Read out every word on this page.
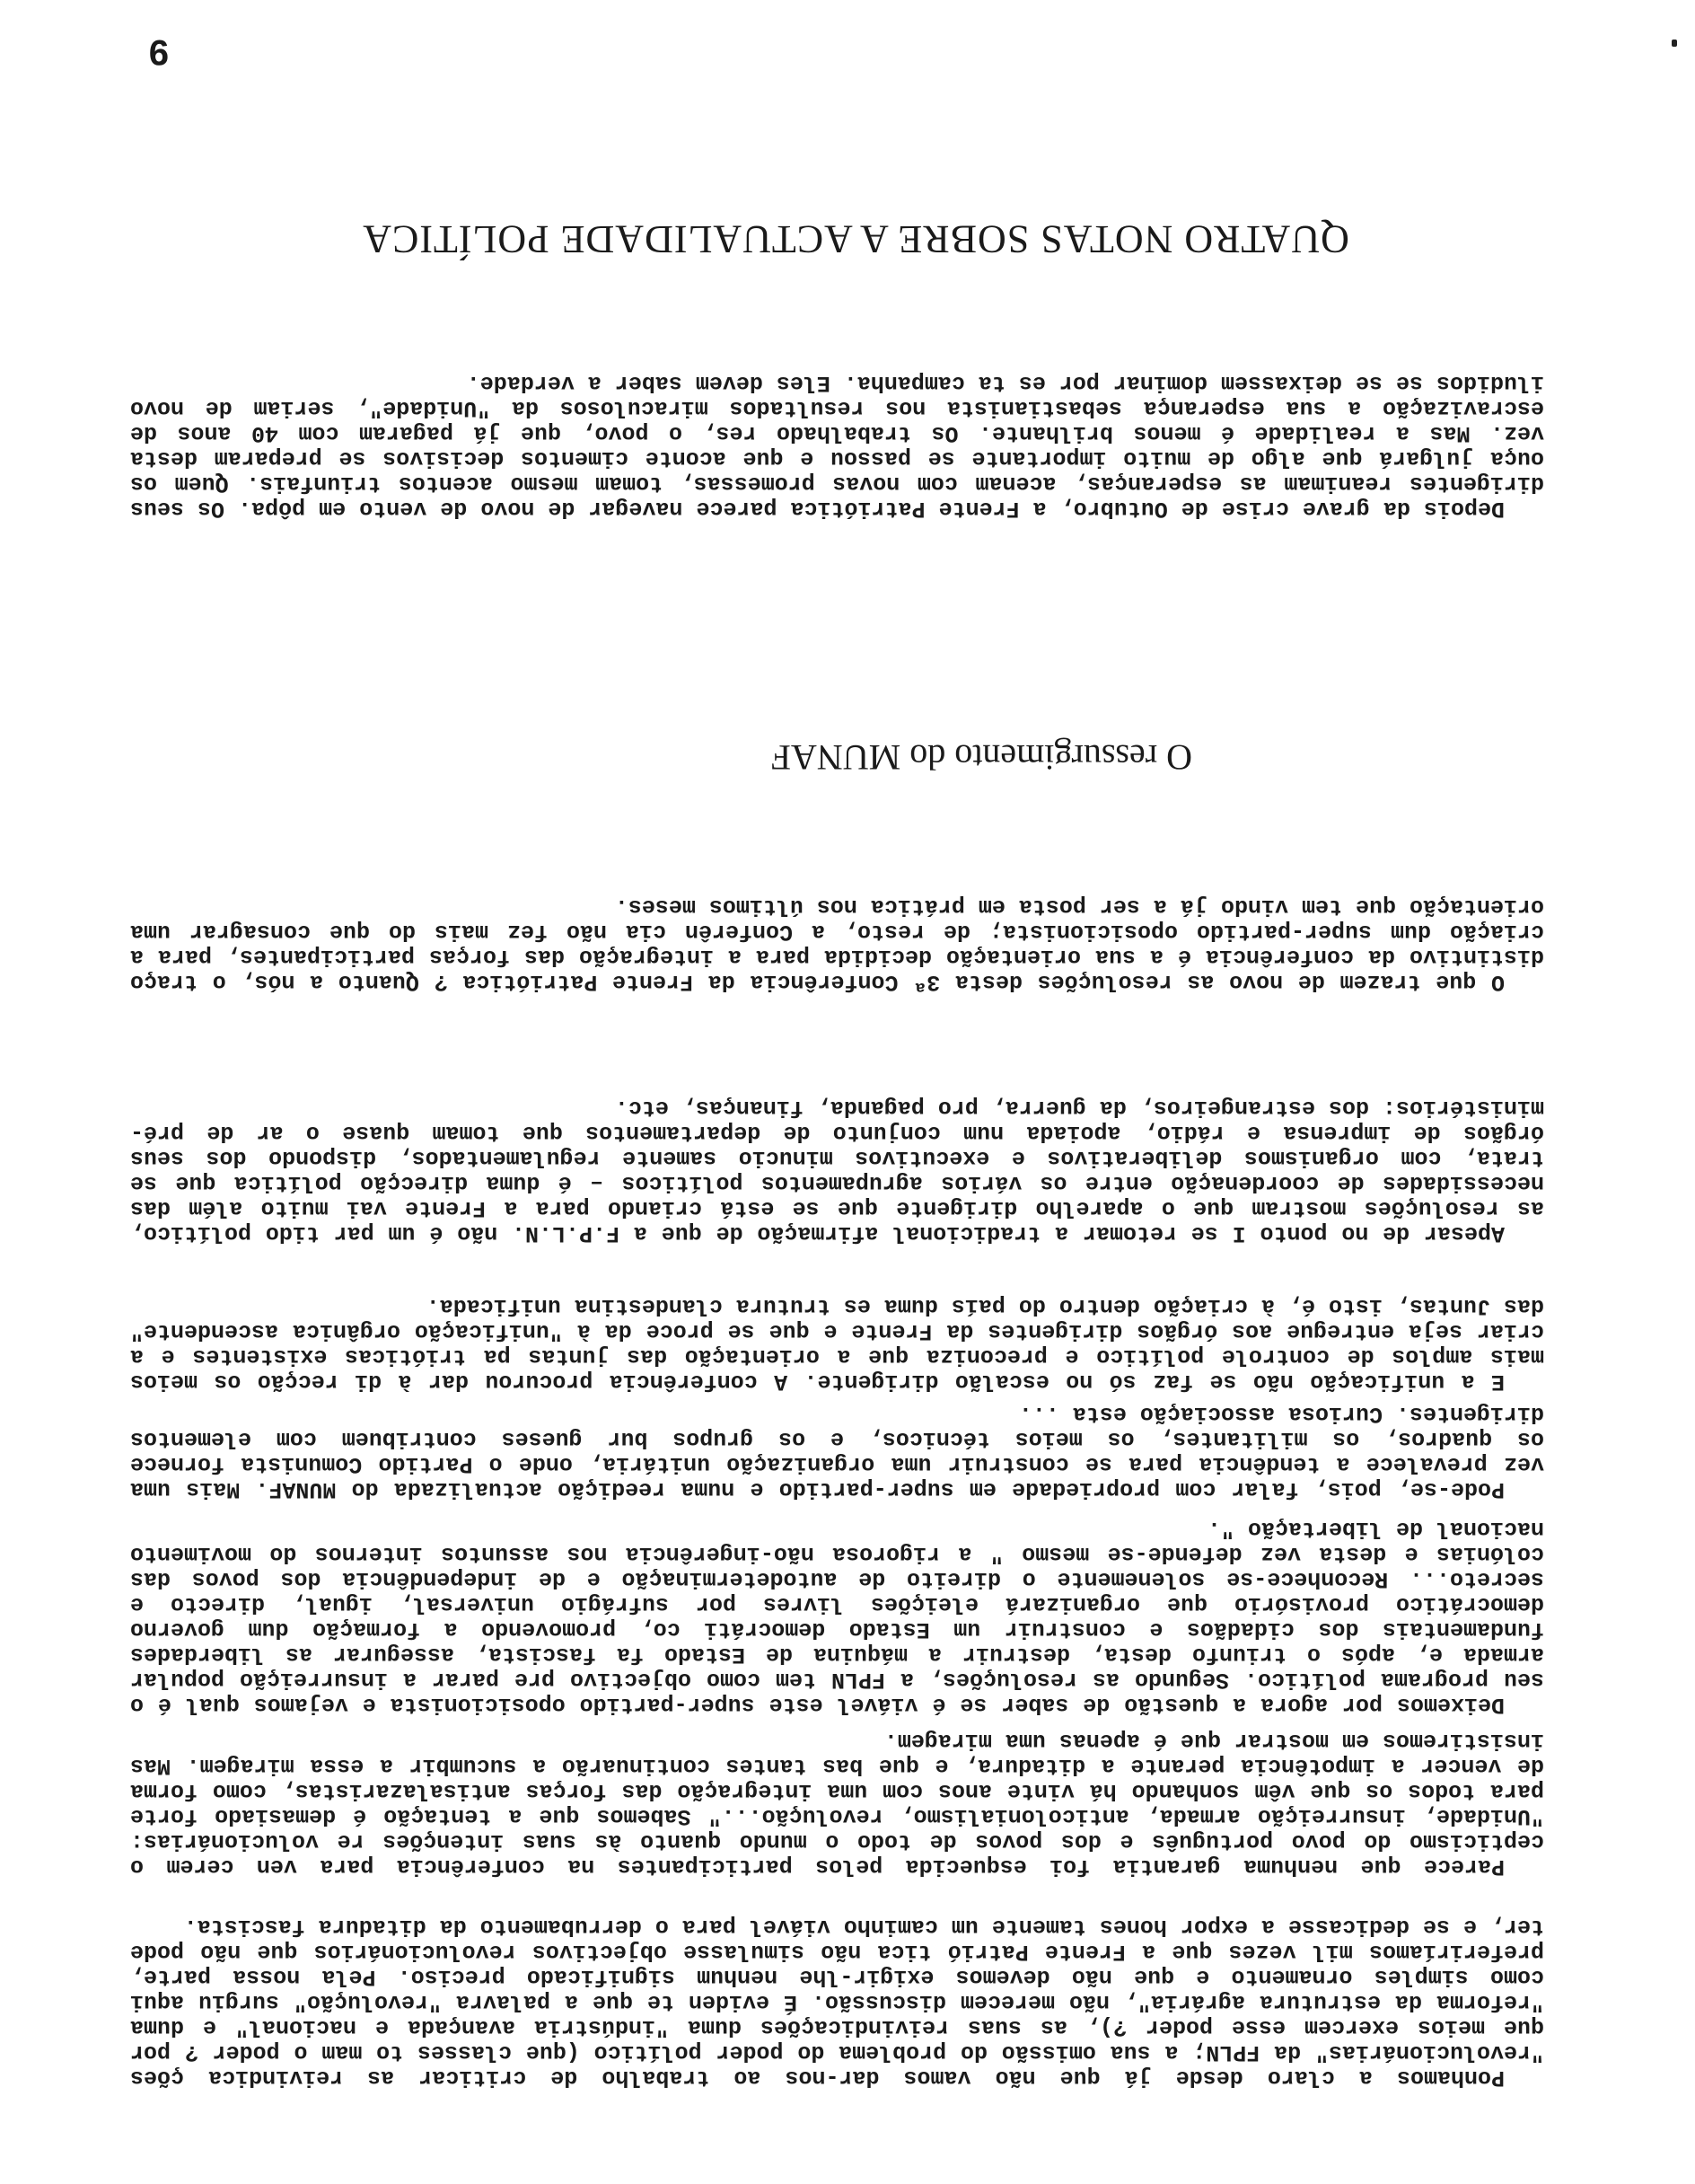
9
QUATRO NOTAS SOBRE A ACTUALIDADE POLÍTICA

Depois da grave crise de Outubro, a Frente Patriótica parece navegar de novo de vento em pôpa. Os seus dirigentes reanimam as esperanças, acenam com novas promessas, tomam mesmo acentos triunfais. Quem os ouça julgará que algo de muito importante se passou e que aconte cimentos decisivos se preparam desta vez. Mas a realidade é menos brilhante. Os trabalhado res, o povo, que já pagaram com 40 anos de escravização a sua esperança sebastianista nos resultados miraculosos da "Unidade", seriam de novo iludidos se se deixassem dominar por es ta campanha. Eles devem saber a verdade.

O ressurgimento do MUNAF

O que trazem de novo as resoluções desta 3ª Conferência da Frente Patriótica ? Quanto a nós, o traço distintivo da conferência é a sua orientação decidida para a integração das forças participantes, para a criação dum super-partido oposicionista; de resto, a Conferên cia não fez mais do que consagrar uma orientação que tem vindo já a ser posta em prática nos últimos meses.

Apesar de no ponto I se retomar a tradicional afirmação de que a F.P.L.N. não é um par tido político, as resoluções mostram que o aparelho dirigente que se está criando para a Frente vai muito além das necessidades de coordenação entre os vários agrupamentos políticos – é duma direcção política que se trata, com organismos deliberativos e executivos minucio samente regulamentados, dispondo dos seus órgãos de imprensa e rádio, apoiada num conjunto de departamentos que tomam quase o ar de pré-ministérios: dos estrangeiros, da guerra, pro paganda, finanças, etc.

E a unificação não se faz só no escalão dirigente. A conferência procurou dar à di recção os meios mais amplos de controle político e preconiza que a orientação das juntas pa trióticas existentes e a criar seja entregue aos órgãos dirigentes da Frente e que se proce da à "unificação orgânica ascendente" das Juntas, isto é, à criação dentro do país duma es trutura clandestina unificada.

Pode-se, pois, falar com propriedade em super-partido e numa reedição actualizada do MUNAF. Mais uma vez prevalece a tendência para se construir uma organização unitária, onde o Partido Comunista fornece os quadros, os militantes, os meios técnicos, e os grupos bur gueses contribuem com elementos dirigentes. Curiosa associação esta ...

Deixemos por agora a questão de saber se é viável este super-partido oposicionista e vejamos qual é o seu programa político. Segundo as resoluções, a FPLN tem como objectivo pre parar a insurreição popular armada e, após o triunfo desta, destruir a máquina de Estado fa fascista, assegurar as liberdades fundamentais dos cidadãos e construir um Estado democráti co, promovendo a formação dum governo democrático provisório que organizará eleições livres por sufrágio universal, igual, directo e secreto... Reconhece-se solenemente o direito de autodeterminação e de independência dos povos das colónias e desta vez defende-se mesmo " a rigorosa não-ingerência nos assuntos internos do movimento nacional de libertação ".

Parece que nenhuma garantia foi esquecida pelos participantes na conferência para ven cerem o cepticismo do povo português e dos povos de todo o mundo quanto às suas intenções re volucionárias: "Unidade, insurreição armada, anticolonialismo, revolução..." Sabemos que a tentação é demasiado forte para todos os que vêm sonhando há vinte anos com uma integração das forças antisalazaristas, como forma de vencer a impotência perante a ditadura, e que bas tantes continuarão a sucumbir a essa miragem. Mas insistiremos em mostrar que é apenas uma miragem.

Ponhamos a claro desde já que não vamos dar-nos ao trabalho de criticar as reivindica ções "revolucionárias" da FPLN; a sua omissão do problema do poder político (que classes to mam o poder ? por que meios exercem esse poder ?), as suas reivindicações duma "indústria avançada e nacional" e duma "reforma da estrutura agrária", não merecem discussão. É eviden te que a palavra "revolução" surgiu aqui como simples ornamento e que não devemos exigir-lhe nenhum significado preciso. Pela nossa parte, preferiríamos mil vezes que a Frente Patrió tica não simulasse objectivos revolucionários que não pode ter, e se dedicasse a expor hones tamente um caminho viável para o derrubamento da ditadura fascista.
